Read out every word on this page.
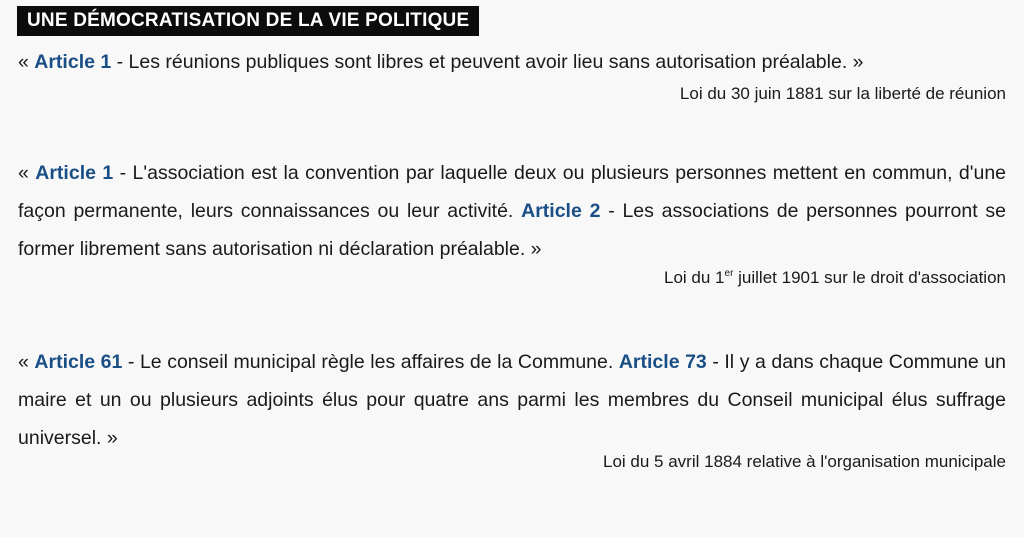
UNE DÉMOCRATISATION DE LA VIE POLITIQUE

« Article 1 - Les réunions publiques sont libres et peuvent avoir lieu sans autorisation préalable. »

Loi du 30 juin 1881 sur la liberté de réunion

« Article 1 - L'association est la convention par laquelle deux ou plusieurs personnes mettent en commun, d'une façon permanente, leurs connaissances ou leur activité. Article 2 - Les associations de personnes pourront se former librement sans autorisation ni déclaration préalable. »

Loi du 1er juillet 1901 sur le droit d'association

« Article 61 - Le conseil municipal règle les affaires de la Commune. Article 73 - Il y a dans chaque Commune un maire et un ou plusieurs adjoints élus pour quatre ans parmi les membres du Conseil municipal élus suffrage universel. »

Loi du 5 avril 1884 relative à l'organisation municipale
